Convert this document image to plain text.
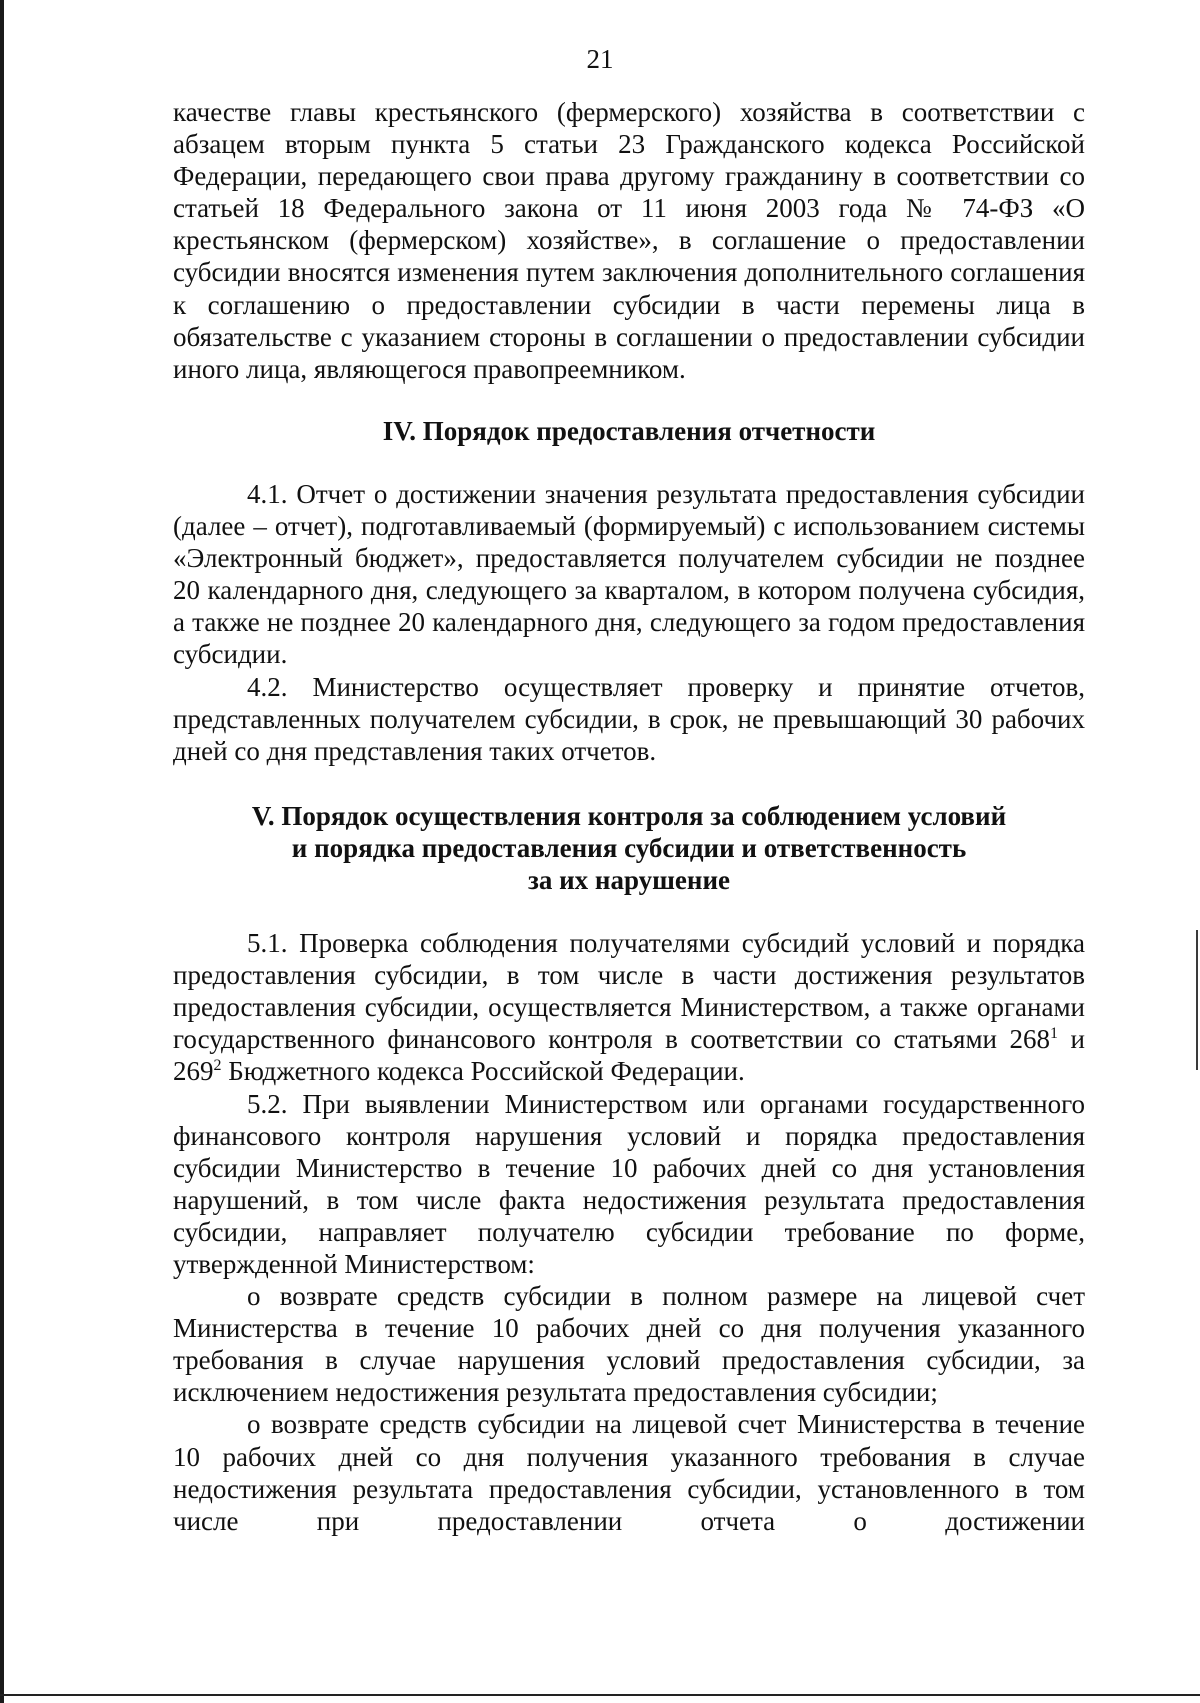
21

качестве главы крестьянского (фермерского) хозяйства в соответствии с абзацем вторым пункта 5 статьи 23 Гражданского кодекса Российской Федерации, передающего свои права другому гражданину в соответствии со статьей 18 Федерального закона от 11 июня 2003 года № 74-ФЗ «О крестьянском (фермерском) хозяйстве», в соглашение о предоставлении субсидии вносятся изменения путем заключения дополнительного соглашения к соглашению о предоставлении субсидии в части перемены лица в обязательстве с указанием стороны в соглашении о предоставлении субсидии иного лица, являющегося правопреемником.

IV. Порядок предоставления отчетности

4.1. Отчет о достижении значения результата предоставления субсидии (далее – отчет), подготавливаемый (формируемый) с использованием системы «Электронный бюджет», предоставляется получателем субсидии не позднее 20 календарного дня, следующего за кварталом, в котором получена субсидия, а также не позднее 20 календарного дня, следующего за годом предоставления субсидии.

4.2. Министерство осуществляет проверку и принятие отчетов, представленных получателем субсидии, в срок, не превышающий 30 рабочих дней со дня представления таких отчетов.

V. Порядок осуществления контроля за соблюдением условий
и порядка предоставления субсидии и ответственность
за их нарушение

5.1. Проверка соблюдения получателями субсидий условий и порядка предоставления субсидии, в том числе в части достижения результатов предоставления субсидии, осуществляется Министерством, а также органами государственного финансового контроля в соответствии со статьями $268^1$ и $269^2$ Бюджетного кодекса Российской Федерации.

5.2. При выявлении Министерством или органами государственного финансового контроля нарушения условий и порядка предоставления субсидии Министерство в течение 10 рабочих дней со дня установления нарушений, в том числе факта недостижения результата предоставления субсидии, направляет получателю субсидии требование по форме, утвержденной Министерством:

о возврате средств субсидии в полном размере на лицевой счет Министерства в течение 10 рабочих дней со дня получения указанного требования в случае нарушения условий предоставления субсидии, за исключением недостижения результата предоставления субсидии;

о возврате средств субсидии на лицевой счет Министерства в течение 10 рабочих дней со дня получения указанного требования в случае недостижения результата предоставления субсидии, установленного в том числе при предоставлении отчета о достижении
